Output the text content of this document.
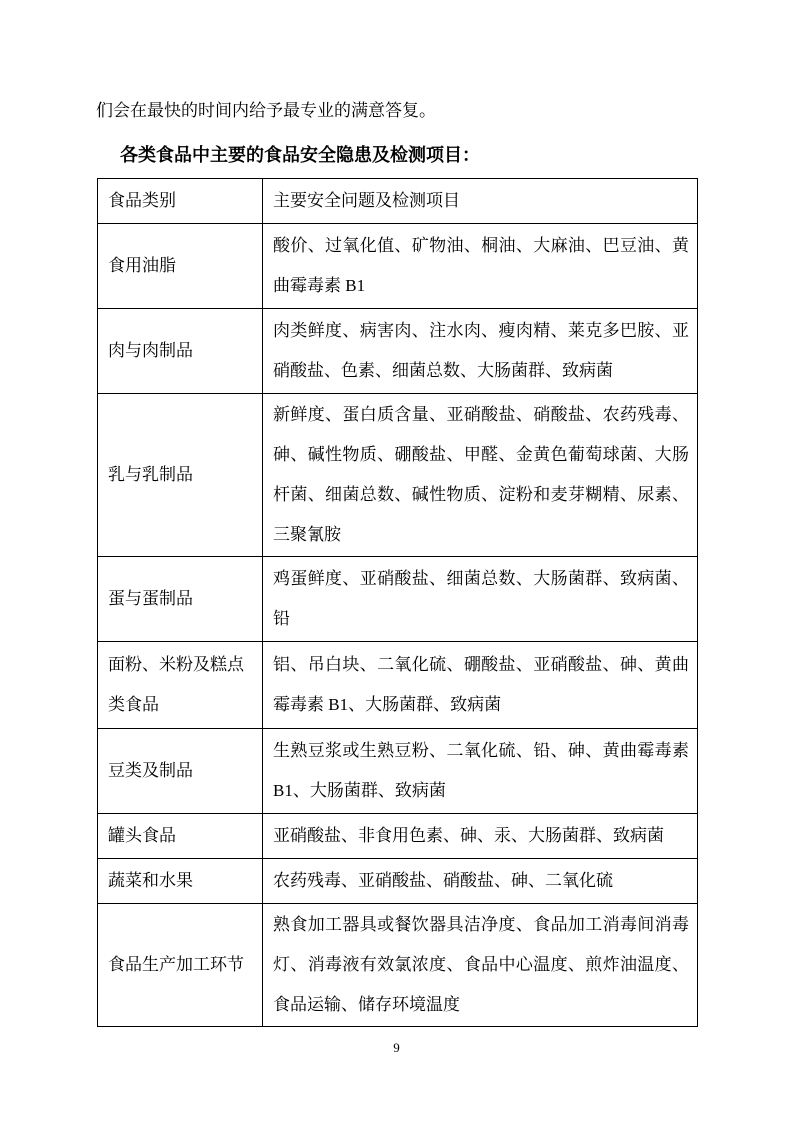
们会在最快的时间内给予最专业的满意答复。

各类食品中主要的食品安全隐患及检测项目：
食品类别	主要安全问题及检测项目
食用油脂	酸价、过氧化值、矿物油、桐油、大麻油、巴豆油、黄曲霉毒素 B1
肉与肉制品	肉类鲜度、病害肉、注水肉、瘦肉精、莱克多巴胺、亚硝酸盐、色素、细菌总数、大肠菌群、致病菌
乳与乳制品	新鲜度、蛋白质含量、亚硝酸盐、硝酸盐、农药残毒、砷、碱性物质、硼酸盐、甲醛、金黄色葡萄球菌、大肠杆菌、细菌总数、碱性物质、淀粉和麦芽糊精、尿素、三聚氰胺
蛋与蛋制品	鸡蛋鲜度、亚硝酸盐、细菌总数、大肠菌群、致病菌、铅
面粉、米粉及糕点类食品	铝、吊白块、二氧化硫、硼酸盐、亚硝酸盐、砷、黄曲霉毒素 B1、大肠菌群、致病菌
豆类及制品	生熟豆浆或生熟豆粉、二氧化硫、铅、砷、黄曲霉毒素 B1、大肠菌群、致病菌
罐头食品	亚硝酸盐、非食用色素、砷、汞、大肠菌群、致病菌
蔬菜和水果	农药残毒、亚硝酸盐、硝酸盐、砷、二氧化硫
食品生产加工环节	熟食加工器具或餐饮器具洁净度、食品加工消毒间消毒灯、消毒液有效氯浓度、食品中心温度、煎炸油温度、食品运输、储存环境温度
9
